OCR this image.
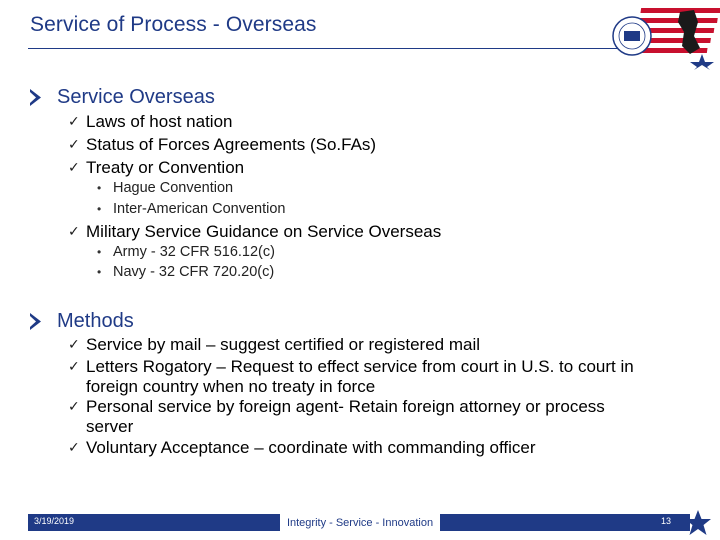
Service of Process - Overseas
Service Overseas
✓ Laws of host nation
✓ Status of Forces Agreements (So.FAs)
✓ Treaty or Convention
• Hague Convention
• Inter-American Convention
✓ Military Service Guidance on Service Overseas
• Army - 32 CFR 516.12(c)
• Navy - 32 CFR 720.20(c)
Methods
✓ Service by mail – suggest certified or registered mail
✓ Letters Rogatory – Request to effect service from court in U.S. to court in foreign country when no treaty in force
✓ Personal service by foreign agent- Retain foreign attorney or process server
✓ Voluntary Acceptance – coordinate with commanding officer
3/19/2019	Integrity - Service - Innovation	13
